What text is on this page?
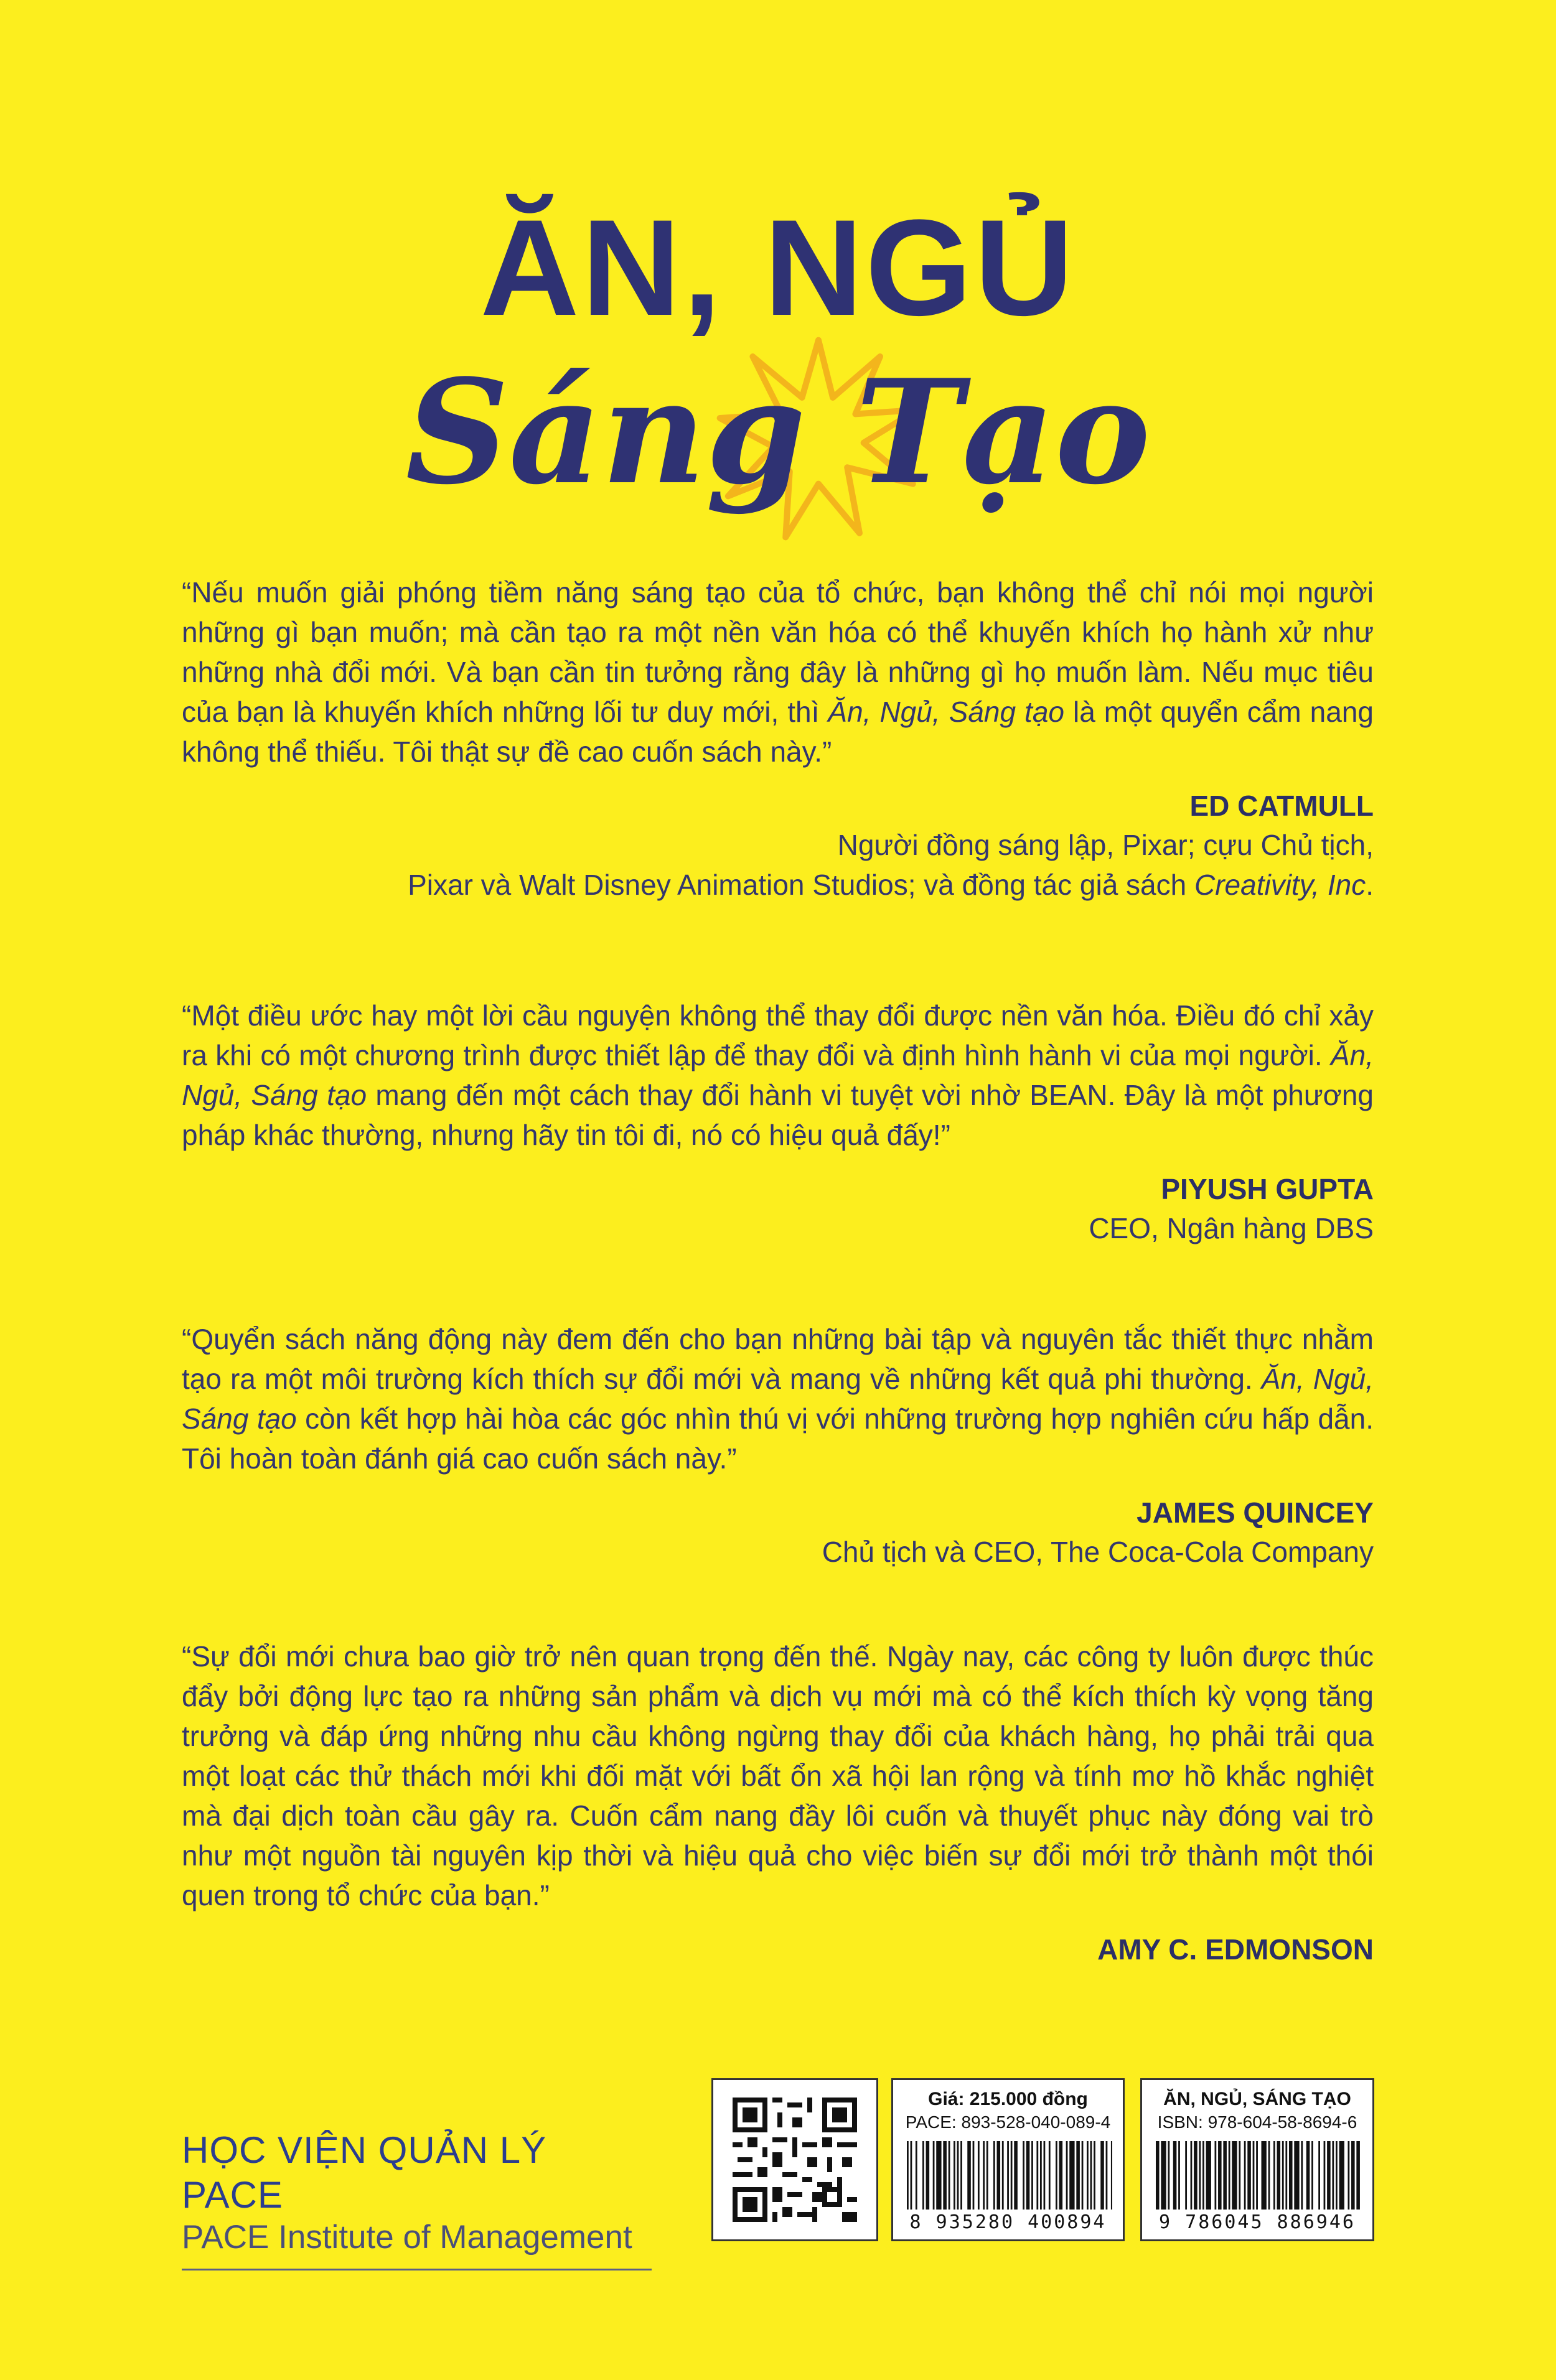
ĂN, NGỦ
Sáng Tạo

“Nếu muốn giải phóng tiềm năng sáng tạo của tổ chức, bạn không thể chỉ nói mọi người những gì bạn muốn; mà cần tạo ra một nền văn hóa có thể khuyến khích họ hành xử như những nhà đổi mới. Và bạn cần tin tưởng rằng đây là những gì họ muốn làm. Nếu mục tiêu của bạn là khuyến khích những lối tư duy mới, thì Ăn, Ngủ, Sáng tạo là một quyển cẩm nang không thể thiếu. Tôi thật sự đề cao cuốn sách này.”

ED CATMULL
Người đồng sáng lập, Pixar; cựu Chủ tịch,
Pixar và Walt Disney Animation Studios; và đồng tác giả sách Creativity, Inc.

“Một điều ước hay một lời cầu nguyện không thể thay đổi được nền văn hóa. Điều đó chỉ xảy ra khi có một chương trình được thiết lập để thay đổi và định hình hành vi của mọi người. Ăn, Ngủ, Sáng tạo mang đến một cách thay đổi hành vi tuyệt vời nhờ BEAN. Đây là một phương pháp khác thường, nhưng hãy tin tôi đi, nó có hiệu quả đấy!”

PIYUSH GUPTA
CEO, Ngân hàng DBS

“Quyển sách năng động này đem đến cho bạn những bài tập và nguyên tắc thiết thực nhằm tạo ra một môi trường kích thích sự đổi mới và mang về những kết quả phi thường. Ăn, Ngủ, Sáng tạo còn kết hợp hài hòa các góc nhìn thú vị với những trường hợp nghiên cứu hấp dẫn. Tôi hoàn toàn đánh giá cao cuốn sách này.”

JAMES QUINCEY
Chủ tịch và CEO, The Coca-Cola Company

“Sự đổi mới chưa bao giờ trở nên quan trọng đến thế. Ngày nay, các công ty luôn được thúc đẩy bởi động lực tạo ra những sản phẩm và dịch vụ mới mà có thể kích thích kỳ vọng tăng trưởng và đáp ứng những nhu cầu không ngừng thay đổi của khách hàng, họ phải trải qua một loạt các thử thách mới khi đối mặt với bất ổn xã hội lan rộng và tính mơ hồ khắc nghiệt mà đại dịch toàn cầu gây ra. Cuốn cẩm nang đầy lôi cuốn và thuyết phục này đóng vai trò như một nguồn tài nguyên kịp thời và hiệu quả cho việc biến sự đổi mới trở thành một thói quen trong tổ chức của bạn.”

AMY C. EDMONSON
HỌC VIỆN QUẢN LÝ PACE
PACE Institute of Management
Giá: 215.000 đồng
PACE: 893-528-040-089-4
8 935280 400894
ĂN, NGỦ, SÁNG TẠO
ISBN: 978-604-58-8694-6
9 786045 886946
